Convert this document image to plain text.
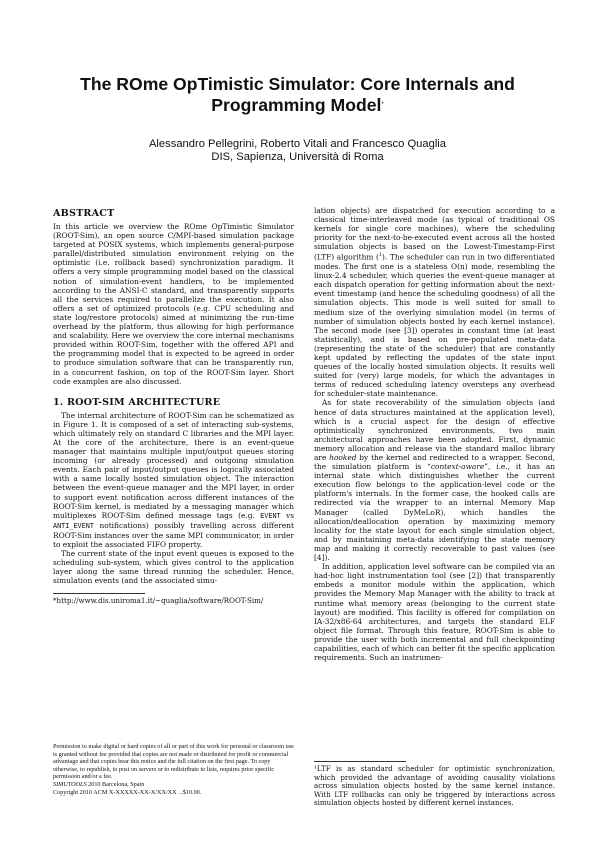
The ROme OpTimistic Simulator: Core Internals and Programming Model*
Alessandro Pellegrini, Roberto Vitali and Francesco Quaglia
DIS, Sapienza, Università di Roma
ABSTRACT

In this article we overview the ROme OpTimistic Simulator (ROOT-Sim), an open source C/MPI-based simulation package targeted at POSIX systems, which implements general-purpose parallel/distributed simulation environment relying on the optimistic (i.e. rollback based) synchronization paradigm. It offers a very simple programming model based on the classical notion of simulation-event handlers, to be implemented according to the ANSI-C standard, and transparently supports all the services required to parallelize the execution. It also offers a set of optimized protocols (e.g. CPU scheduling and state log/restore protocols) aimed at minimizing the run-time overhead by the platform, thus allowing for high performance and scalability. Here we overview the core internal mechanisms provided within ROOT-Sim, together with the offered API and the programming model that is expected to be agreed in order to produce simulation software that can be transparently run, in a concurrent fashion, on top of the ROOT-Sim layer. Short code examples are also discussed.

1. ROOT-SIM ARCHITECTURE

The internal architecture of ROOT-Sim can be schematized as in Figure 1. It is composed of a set of interacting sub-systems, which ultimately rely on standard C libraries and the MPI layer. At the core of the architecture, there is an event-queue manager that maintains multiple input/output queues storing incoming (or already processed) and outgoing simulation events. Each pair of input/output queues is logically associated with a same locally hosted simulation object. The interaction between the event-queue manager and the MPI layer, in order to support event notification across different instances of the ROOT-Sim kernel, is mediated by a messaging manager which multiplexes ROOT-Sim defined message tags (e.g. EVENT vs ANTI_EVENT notifications) possibly travelling across different ROOT-Sim instances over the same MPI communicator, in order to exploit the associated FIFO property.

The current state of the input event queues is exposed to the scheduling sub-system, which gives control to the application layer along the same thread running the scheduler. Hence, simulation events (and the associated simu-

*http://www.dis.uniroma1.it/~quaglia/software/ROOT-Sim/

Permission to make digital or hard copies of all or part of this work for personal or classroom use is granted without fee provided that copies are not made or distributed for profit or commercial advantage and that copies bear this notice and the full citation on the first page. To copy otherwise, to republish, to post on servers or to redistribute to lists, requires prior specific permission and/or a fee.
SIMUTOOLS 2010 Barcelona, Spain
Copyright 2010 ACM X-XXXXX-XX-X/XX/XX ...$10.00.

lation objects) are dispatched for execution according to a classical time-interleaved mode (as typical of traditional OS kernels for single core machines), where the scheduling priority for the next-to-be-executed event across all the hosted simulation objects is based on the Lowest-Timestamp-First (LTF) algorithm ($^1$). The scheduler can run in two differentiated modes. The first one is a stateless O(n) mode, resembling the linux-2.4 scheduler, which queries the event-queue manager at each dispatch operation for getting information about the next-event timestamp (and hence the scheduling goodness) of all the simulation objects. This mode is well suited for small to medium size of the overlying simulation model (in terms of number of simulation objects hosted by each kernel instance). The second mode (see [3]) operates in constant time (at least statistically), and is based on pre-populated meta-data (representing the state of the scheduler) that are constantly kept updated by reflecting the updates of the state input queues of the locally hosted simulation objects. It results well suited for (very) large models, for which the advantages in terms of reduced scheduling latency oversteps any overhead for scheduler-state maintenance.

As for state recoverability of the simulation objects (and hence of data structures maintained at the application level), which is a crucial aspect for the design of effective optimistically synchronized environments, two main architectural approaches have been adopted. First, dynamic memory allocation and release via the standard malloc library are hooked by the kernel and redirected to a wrapper. Second, the simulation platform is “context-aware”, i.e., it has an internal state which distinguishes whether the current execution flow belongs to the application-level code or the platform's internals. In the former case, the hooked calls are redirected via the wrapper to an internal Memory Map Manager (called DyMeLoR), which handles the allocation/deallocation operation by maximizing memory locality for the state layout for each single simulation object, and by maintaining meta-data identifying the state memory map and making it correctly recoverable to past values (see [4]).

In addition, application level software can be compiled via an had-hoc light instrumentation tool (see [2]) that transparently embeds a monitor module within the application, which provides the Memory Map Manager with the ability to track at runtime what memory areas (belonging to the current state layout) are modified. This facility is offered for compilation on IA-32/x86-64 architectures, and targets the standard ELF object file format. Through this feature, ROOT-Sim is able to provide the user with both incremental and full checkpointing capabilities, each of which can better fit the specific application requirements. Such an instrumen-

¹LTF is as standard scheduler for optimistic synchronization, which provided the advantage of avoiding causality violations across simulation objects hosted by the same kernel instance. With LTF rollbacks can only be triggered by interactions across simulation objects hosted by different kernel instances.
